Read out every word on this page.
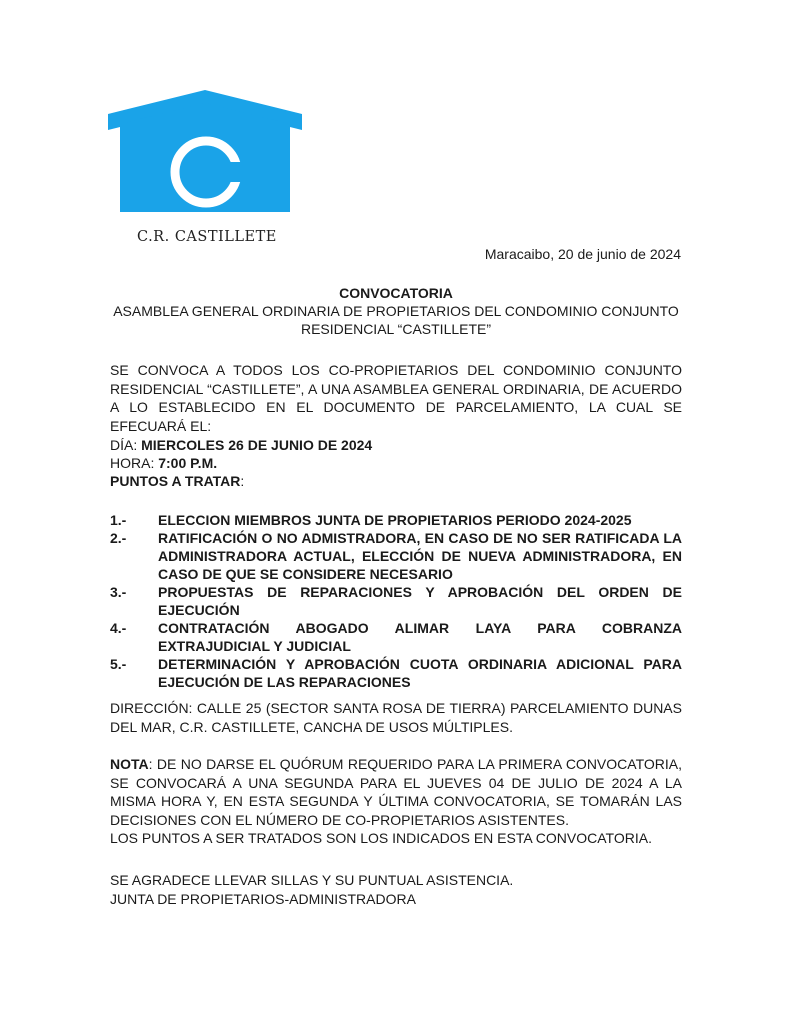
C.R. CASTILLETE
Maracaibo, 20 de junio de 2024
CONVOCATORIA
ASAMBLEA GENERAL ORDINARIA DE PROPIETARIOS DEL CONDOMINIO CONJUNTO RESIDENCIAL “CASTILLETE”
SE CONVOCA A TODOS LOS CO-PROPIETARIOS DEL CONDOMINIO CONJUNTO RESIDENCIAL “CASTILLETE”, A UNA ASAMBLEA GENERAL ORDINARIA, DE ACUERDO A LO ESTABLECIDO EN EL DOCUMENTO DE PARCELAMIENTO, LA CUAL SE EFECUARÁ EL:
DÍA: MIERCOLES 26 DE JUNIO DE 2024
HORA: 7:00 P.M.
PUNTOS A TRATAR:
1.-	ELECCION MIEMBROS JUNTA DE PROPIETARIOS PERIODO 2024-2025
2.-	RATIFICACIÓN O NO ADMISTRADORA, EN CASO DE NO SER RATIFICADA LA ADMINISTRADORA ACTUAL, ELECCIÓN DE NUEVA ADMINISTRADORA, EN CASO DE QUE SE CONSIDERE NECESARIO
3.-	PROPUESTAS DE REPARACIONES Y APROBACIÓN DEL ORDEN DE EJECUCIÓN
4.-	CONTRATACIÓN ABOGADO ALIMAR LAYA PARA COBRANZA EXTRAJUDICIAL Y JUDICIAL
5.-	DETERMINACIÓN Y APROBACIÓN CUOTA ORDINARIA ADICIONAL PARA EJECUCIÓN DE LAS REPARACIONES
DIRECCIÓN: CALLE 25 (SECTOR SANTA ROSA DE TIERRA) PARCELAMIENTO DUNAS DEL MAR, C.R. CASTILLETE, CANCHA DE USOS MÚLTIPLES.
NOTA: DE NO DARSE EL QUÓRUM REQUERIDO PARA LA PRIMERA CONVOCATORIA, SE CONVOCARÁ A UNA SEGUNDA PARA EL JUEVES 04 DE JULIO DE 2024 A LA MISMA HORA Y, EN ESTA SEGUNDA Y ÚLTIMA CONVOCATORIA, SE TOMARÁN LAS DECISIONES CON EL NÚMERO DE CO-PROPIETARIOS ASISTENTES.
LOS PUNTOS A SER TRATADOS SON LOS INDICADOS EN ESTA CONVOCATORIA.
SE AGRADECE LLEVAR SILLAS Y SU PUNTUAL ASISTENCIA.
JUNTA DE PROPIETARIOS-ADMINISTRADORA
